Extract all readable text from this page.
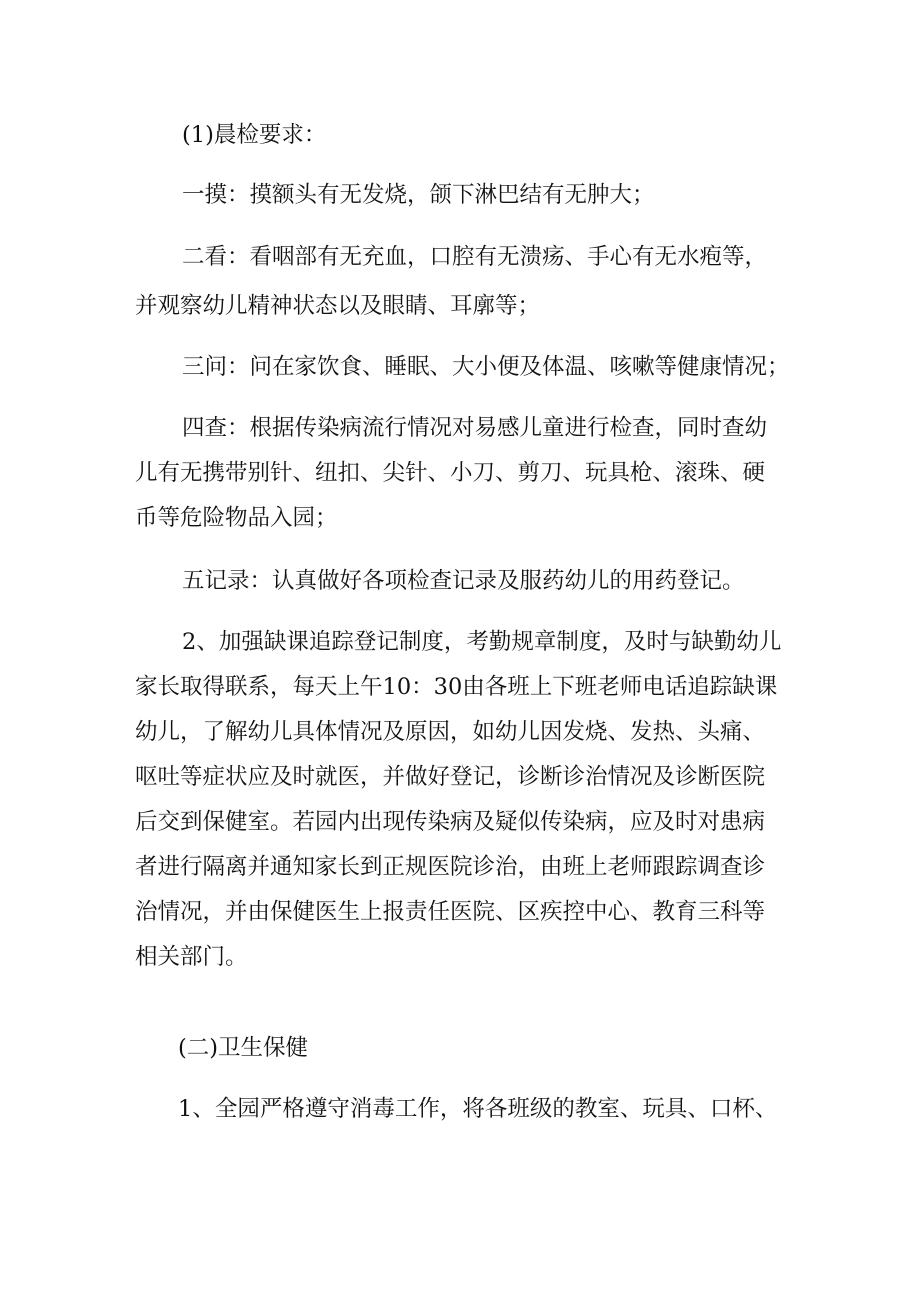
(1)晨检要求：
一摸：摸额头有无发烧，颌下淋巴结有无肿大；
二看：看咽部有无充血，口腔有无溃疡、手心有无水疱等，
并观察幼儿精神状态以及眼睛、耳廓等；
三问：问在家饮食、睡眠、大小便及体温、咳嗽等健康情况；
四查：根据传染病流行情况对易感儿童进行检查，同时查幼
儿有无携带别针、纽扣、尖针、小刀、剪刀、玩具枪、滚珠、硬
币等危险物品入园；
五记录：认真做好各项检查记录及服药幼儿的用药登记。
2、加强缺课追踪登记制度，考勤规章制度，及时与缺勤幼儿
家长取得联系，每天上午10：30由各班上下班老师电话追踪缺课
幼儿，了解幼儿具体情况及原因，如幼儿因发烧、发热、头痛、
呕吐等症状应及时就医，并做好登记，诊断诊治情况及诊断医院
后交到保健室。若园内出现传染病及疑似传染病，应及时对患病
者进行隔离并通知家长到正规医院诊治，由班上老师跟踪调查诊
治情况，并由保健医生上报责任医院、区疾控中心、教育三科等
相关部门。
(二)卫生保健
1、全园严格遵守消毒工作，将各班级的教室、玩具、口杯、
